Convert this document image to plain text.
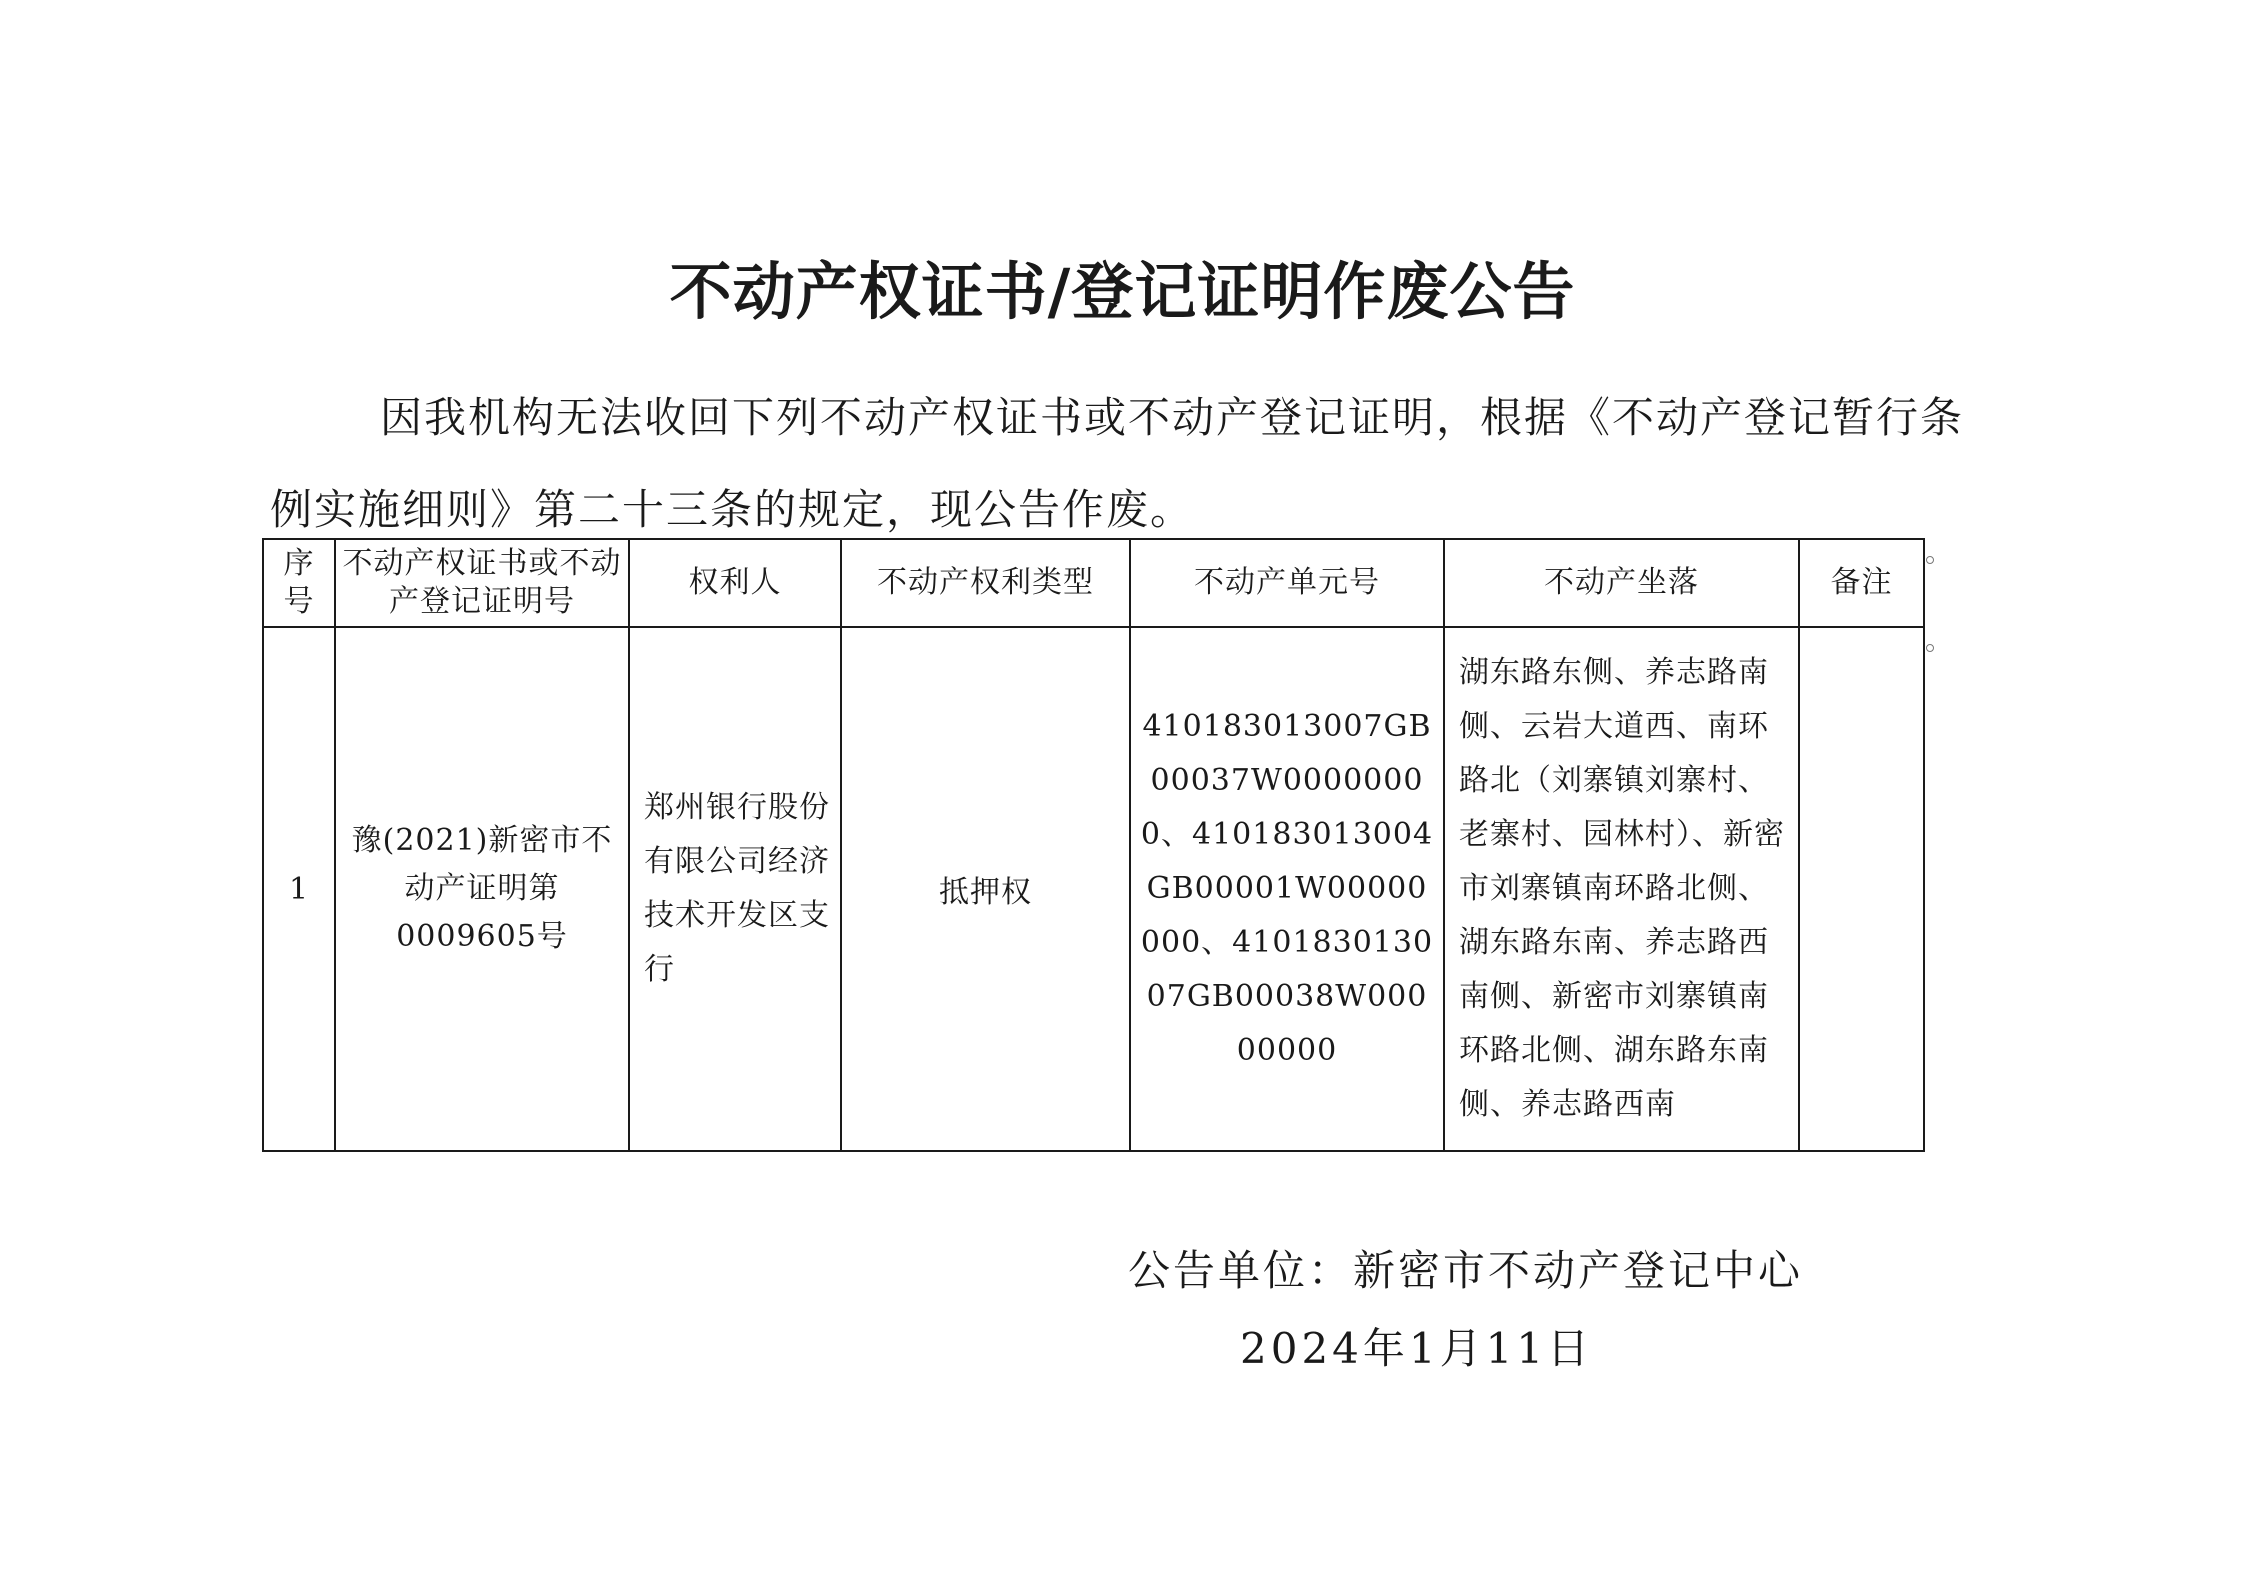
不动产权证书/登记证明作废公告
因我机构无法收回下列不动产权证书或不动产登记证明，根据《不动产登记暂行条例实施细则》第二十三条的规定，现公告作废。
序号	不动产权证书或不动产登记证明号	权利人	不动产权利类型	不动产单元号	不动产坐落	备注
1	豫(2021)新密市不动产证明第0009605号	郑州银行股份有限公司经济技术开发区支行	抵押权	410183013007GB00037W00000000、410183013004GB00001W00000000、410183013007GB00038W00000000	湖东路东侧、养志路南侧、云岩大道西、南环路北（刘寨镇刘寨村、老寨村、园林村）、新密市刘寨镇南环路北侧、湖东路东南、养志路西南侧、新密市刘寨镇南环路北侧、湖东路东南侧、养志路西南	
公告单位：新密市不动产登记中心
2024年1月11日
